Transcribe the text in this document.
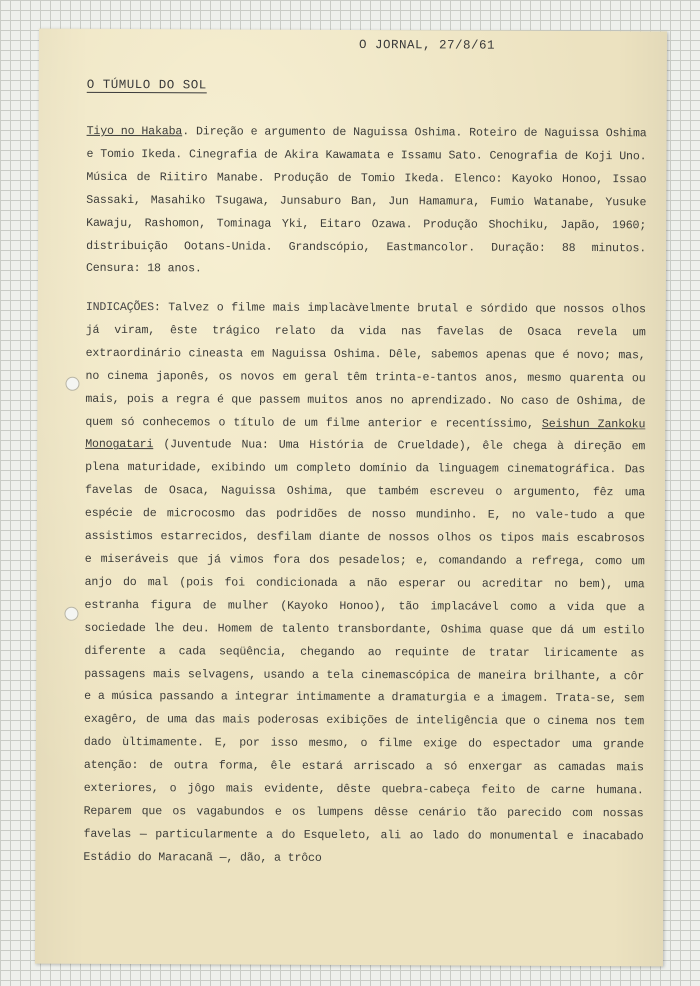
O JORNAL, 27/8/61
O TÚMULO DO SOL
Tiyo no Hakaba. Direção e argumento de Naguissa Oshima. Roteiro de Naguissa Oshima e Tomio Ikeda. Cinegrafia de Akira Kawamata e Issamu Sato. Cenografia de Koji Uno. Música de Riitiro Manabe. Produção de Tomio Ikeda. Elenco: Kayoko Honoo, Issao Sassaki, Masahiko Tsugawa, Junsaburo Ban, Jun Hamamura, Fumio Watanabe, Yusuke Kawaju, Rashomon, Tominaga Yki, Eitaro Ozawa. Produção Shochiku, Japão, 1960; distribuição Ootans-Unida. Grandscópio, Eastmancolor. Duração: 88 minutos. Censura: 18 anos.
INDICAÇÕES: Talvez o filme mais implacàvelmente brutal e sórdido que nossos olhos já viram, êste trágico relato da vida nas favelas de Osaca revela um extraordinário cineasta em Naguissa Oshima. Dêle, sabemos apenas que é novo; mas, no cinema japonês, os novos em geral têm trinta-e-tantos anos, mesmo quarenta ou mais, pois a regra é que passem muitos anos no aprendizado. No caso de Oshima, de quem só conhecemos o título de um filme anterior e recentíssimo, Seishun Zankoku Monogatari (Juventude Nua: Uma História de Crueldade), êle chega à direção em plena maturidade, exibindo um completo domínio da linguagem cinematográfica. Das favelas de Osaca, Naguissa Oshima, que também escreveu o argumento, fêz uma espécie de microcosmo das podridões de nosso mundinho. E, no vale-tudo a que assistimos estarrecidos, desfilam diante de nossos olhos os tipos mais escabrosos e miseráveis que já vimos fora dos pesadelos; e, comandando a refrega, como um anjo do mal (pois foi condicionada a não esperar ou acreditar no bem), uma estranha figura de mulher (Kayoko Honoo), tão implacável como a vida que a sociedade lhe deu. Homem de talento transbordante, Oshima quase que dá um estilo diferente a cada seqüência, chegando ao requinte de tratar liricamente as passagens mais selvagens, usando a tela cinemascópica de maneira brilhante, a côr e a música passando a integrar intimamente a dramaturgia e a imagem. Trata-se, sem exagêro, de uma das mais poderosas exibições de inteligência que o cinema nos tem dado ùltimamente. E, por isso mesmo, o filme exige do espectador uma grande atenção: de outra forma, êle estará arriscado a só enxergar as camadas mais exteriores, o jôgo mais evidente, dêste quebra-cabeça feito de carne humana. Reparem que os vagabundos e os lumpens dêsse cenário tão parecido com nossas favelas — particularmente a do Esqueleto, ali ao lado do monumental e inacabado Estádio do Maracanã —, dão, a trôco
